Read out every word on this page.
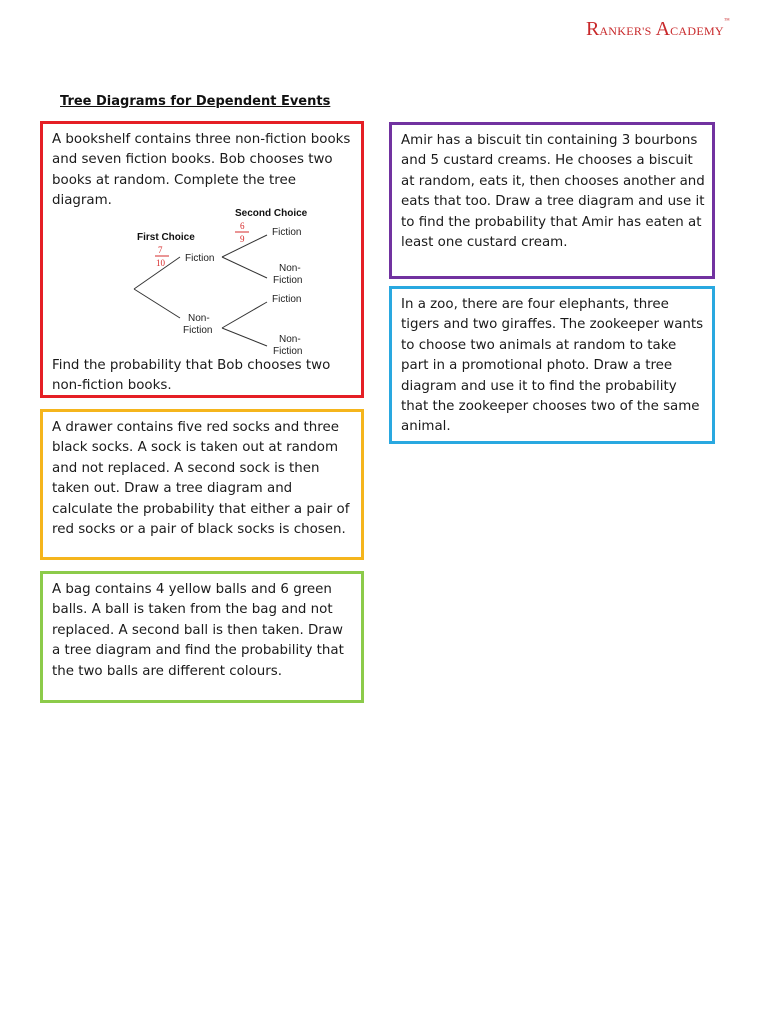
RANKER'S ACADEMY™
Tree Diagrams for Dependent Events

A bookshelf contains three non-fiction books and seven fiction books. Bob chooses two books at random. Complete the tree diagram.

First Choice
Second Choice
7
10
6
9
Fiction
Non-
Fiction
Fiction
Non-
Fiction
Fiction
Non-
Fiction

Find the probability that Bob chooses two non-fiction books.

A drawer contains five red socks and three black socks. A sock is taken out at random and not replaced. A second sock is then taken out. Draw a tree diagram and calculate the probability that either a pair of red socks or a pair of black socks is chosen.

A bag contains 4 yellow balls and 6 green balls. A ball is taken from the bag and not replaced. A second ball is then taken. Draw a tree diagram and find the probability that the two balls are different colours.

Amir has a biscuit tin containing 3 bourbons and 5 custard creams. He chooses a biscuit at random, eats it, then chooses another and eats that too. Draw a tree diagram and use it to find the probability that Amir has eaten at least one custard cream.

In a zoo, there are four elephants, three tigers and two giraffes. The zookeeper wants to choose two animals at random to take part in a promotional photo. Draw a tree diagram and use it to find the probability that the zookeeper chooses two of the same animal.
